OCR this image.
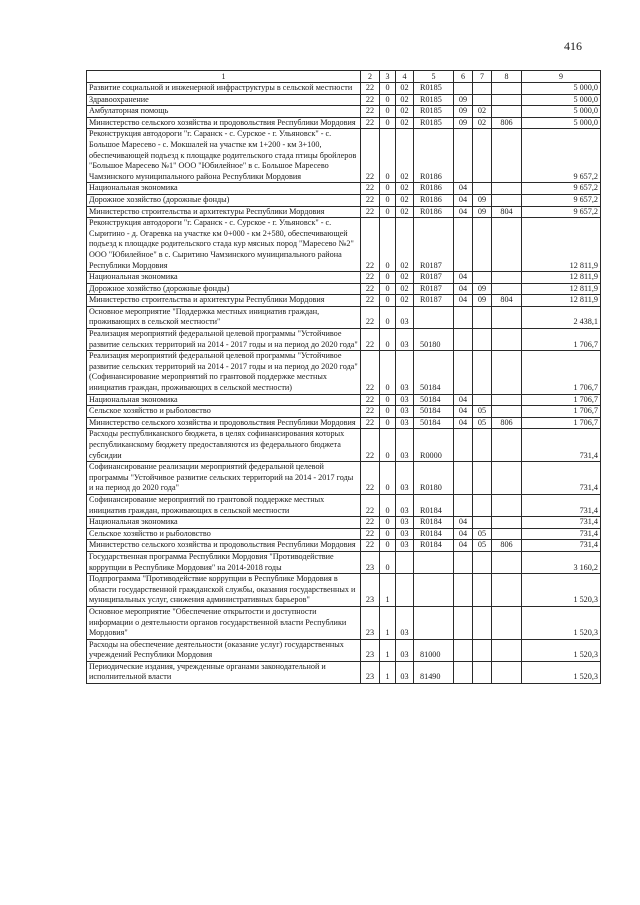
416
1	2	3	4	5	6	7	8	9
Развитие социальной и инженерной инфраструктуры в сельской местности	22	0	02	R0185				5 000,0
Здравоохранение	22	0	02	R0185	09			5 000,0
Амбулаторная помощь	22	0	02	R0185	09	02		5 000,0
Министерство сельского хозяйства и продовольствия Республики Мордовия	22	0	02	R0185	09	02	806	5 000,0
Реконструкция автодороги "г. Саранск - с. Сурское - г. Ульяновск" - с. Большое Маресево - с. Мокшалей на участке км 1+200 - км 3+100, обеспечивающей подъезд к площадке родительского стада птицы бройлеров "Большое Маресево №1" ООО "Юбилейное" в с. Большое Маресево Чамзинского муниципального района Республики Мордовия	22	0	02	R0186				9 657,2
Национальная экономика	22	0	02	R0186	04			9 657,2
Дорожное хозяйство (дорожные фонды)	22	0	02	R0186	04	09		9 657,2
Министерство строительства и архитектуры Республики Мордовия	22	0	02	R0186	04	09	804	9 657,2
Реконструкция автодороги "г. Саранск - с. Сурское - г. Ульяновск" - с. Сыритино - д. Огаревка на участке км 0+000 - км 2+580, обеспечивающей подъезд к площадке родительского стада кур мясных пород "Маресево №2" ООО "Юбилейное" в с. Сыритино Чамзинского муниципального района Республики Мордовия	22	0	02	R0187				12 811,9
Национальная экономика	22	0	02	R0187	04			12 811,9
Дорожное хозяйство (дорожные фонды)	22	0	02	R0187	04	09		12 811,9
Министерство строительства и архитектуры Республики Мордовия	22	0	02	R0187	04	09	804	12 811,9
Основное мероприятие "Поддержка местных инициатив граждан, проживающих в сельской местности"	22	0	03					2 438,1
Реализация мероприятий федеральной целевой программы "Устойчивое развитие сельских территорий на 2014 - 2017 годы и на период до 2020 года"	22	0	03	50180				1 706,7
Реализация мероприятий федеральной целевой программы "Устойчивое развитие сельских территорий на 2014 - 2017 годы и на период до 2020 года" (Софинансирование мероприятий по грантовой поддержке местных инициатив граждан, проживающих в сельской местности)	22	0	03	50184				1 706,7
Национальная экономика	22	0	03	50184	04			1 706,7
Сельское хозяйство и рыболовство	22	0	03	50184	04	05		1 706,7
Министерство сельского хозяйства и продовольствия Республики Мордовия	22	0	03	50184	04	05	806	1 706,7
Расходы республиканского бюджета, в целях софинансирования которых республиканскому бюджету предоставляются из федерального бюджета субсидии	22	0	03	R0000				731,4
Софинансирование реализации мероприятий федеральной целевой программы "Устойчивое развитие сельских территорий на 2014 - 2017 годы и на период до 2020 года"	22	0	03	R0180				731,4
Софинансирование мероприятий по грантовой поддержке местных инициатив граждан, проживающих в сельской местности	22	0	03	R0184				731,4
Национальная экономика	22	0	03	R0184	04			731,4
Сельское хозяйство и рыболовство	22	0	03	R0184	04	05		731,4
Министерство сельского хозяйства и продовольствия Республики Мордовия	22	0	03	R0184	04	05	806	731,4
Государственная программа Республики Мордовия "Противодействие коррупции в Республике Мордовия" на 2014-2018 годы	23	0						3 160,2
Подпрограмма "Противодействие коррупции в Республике Мордовия в области государственной гражданской службы, оказания государственных и муниципальных услуг, снижения административных барьеров"	23	1						1 520,3
Основное мероприятие "Обеспечение открытости и доступности информации о деятельности органов государственной власти Республики Мордовия"	23	1	03					1 520,3
Расходы на обеспечение деятельности (оказание услуг) государственных учреждений Республики Мордовия	23	1	03	81000				1 520,3
Периодические издания, учрежденные органами законодательной и исполнительной власти	23	1	03	81490				1 520,3
